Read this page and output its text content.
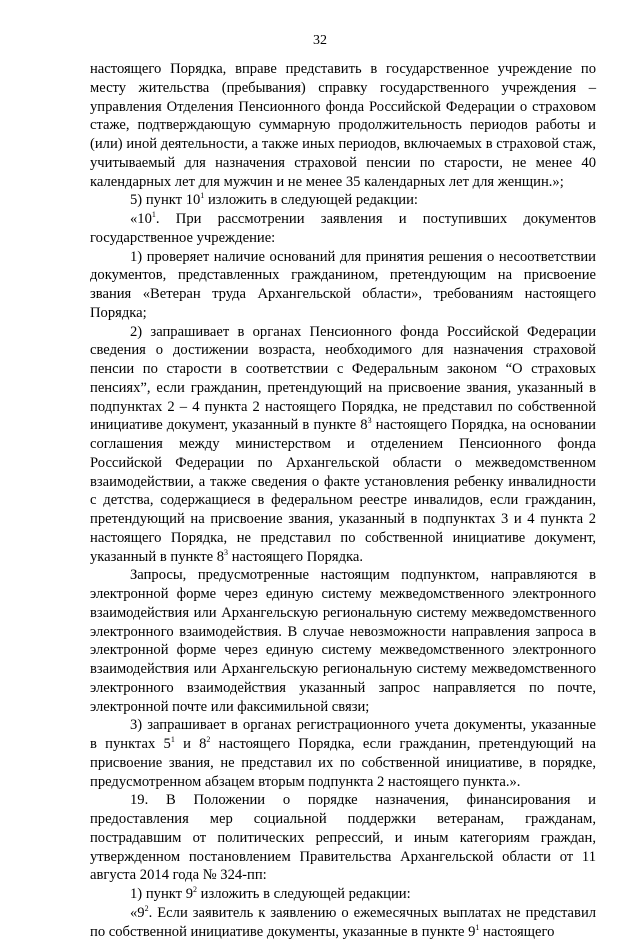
32

настоящего Порядка, вправе представить в государственное учреждение по месту жительства (пребывания) справку государственного учреждения – управления Отделения Пенсионного фонда Российской Федерации о страховом стаже, подтверждающую суммарную продолжительность периодов работы и (или) иной деятельности, а также иных периодов, включаемых в страховой стаж, учитываемый для назначения страховой пенсии по старости, не менее 40 календарных лет для мужчин и не менее 35 календарных лет для женщин.»;

5) пункт $10^1$ изложить в следующей редакции:

«$10^1$. При рассмотрении заявления и поступивших документов государственное учреждение:

1) проверяет наличие оснований для принятия решения о несоответствии документов, представленных гражданином, претендующим на присвоение звания «Ветеран труда Архангельской области», требованиям настоящего Порядка;

2) запрашивает в органах Пенсионного фонда Российской Федерации сведения о достижении возраста, необходимого для назначения страховой пенсии по старости в соответствии с Федеральным законом “О страховых пенсиях”, если гражданин, претендующий на присвоение звания, указанный в подпунктах 2 – 4 пункта 2 настоящего Порядка, не представил по собственной инициативе документ, указанный в пункте $8^3$ настоящего Порядка, на основании соглашения между министерством и отделением Пенсионного фонда Российской Федерации по Архангельской области о межведомственном взаимодействии, а также сведения о факте установления ребенку инвалидности с детства, содержащиеся в федеральном реестре инвалидов, если гражданин, претендующий на присвоение звания, указанный в подпунктах 3 и 4 пункта 2 настоящего Порядка, не представил по собственной инициативе документ, указанный в пункте $8^3$ настоящего Порядка.

Запросы, предусмотренные настоящим подпунктом, направляются в электронной форме через единую систему межведомственного электронного взаимодействия или Архангельскую региональную систему межведомственного электронного взаимодействия. В случае невозможности направления запроса в электронной форме через единую систему межведомственного электронного взаимодействия или Архангельскую региональную систему межведомственного электронного взаимодействия указанный запрос направляется по почте, электронной почте или факсимильной связи;

3) запрашивает в органах регистрационного учета документы, указанные в пунктах $5^1$ и $8^2$ настоящего Порядка, если гражданин, претендующий на присвоение звания, не представил их по собственной инициативе, в порядке, предусмотренном абзацем вторым подпункта 2 настоящего пункта.».

19. В Положении о порядке назначения, финансирования и предоставления мер социальной поддержки ветеранам, гражданам, пострадавшим от политических репрессий, и иным категориям граждан, утвержденном постановлением Правительства Архангельской области от 11 августа 2014 года № 324-пп:

1) пункт $9^2$ изложить в следующей редакции:

«$9^2$. Если заявитель к заявлению о ежемесячных выплатах не представил по собственной инициативе документы, указанные в пункте $9^1$ настоящего
